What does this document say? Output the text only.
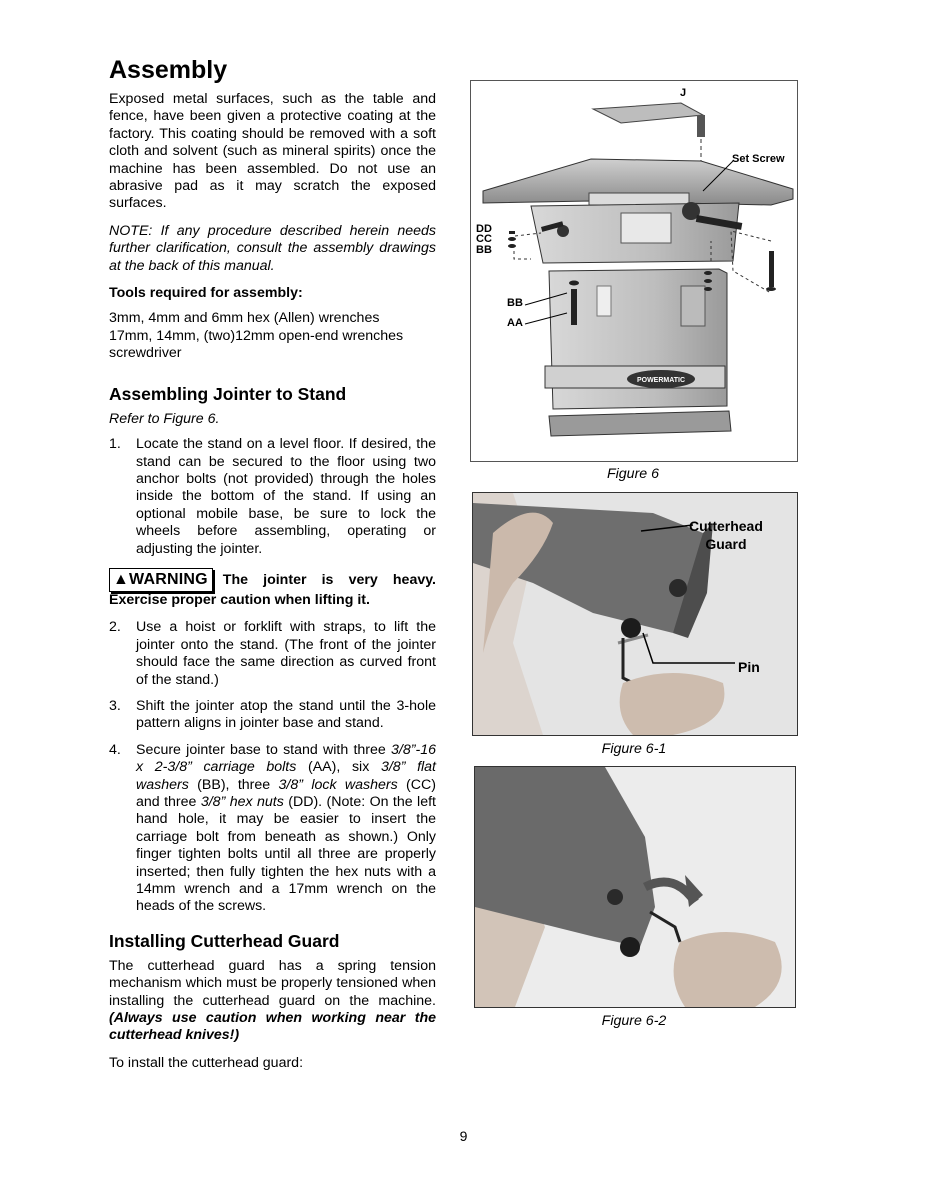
Assembly

Exposed metal surfaces, such as the table and fence, have been given a protective coating at the factory. This coating should be removed with a soft cloth and solvent (such as mineral spirits) once the machine has been assembled. Do not use an abrasive pad as it may scratch the exposed surfaces.

NOTE: If any procedure described herein needs further clarification, consult the assembly drawings at the back of this manual.

Tools required for assembly:

3mm, 4mm and 6mm hex (Allen) wrenches
17mm, 14mm, (two)12mm open-end wrenches
screwdriver

Assembling Jointer to Stand

Refer to Figure 6.

1. Locate the stand on a level floor. If desired, the stand can be secured to the floor using two anchor bolts (not provided) through the holes inside the bottom of the stand. If using an optional mobile base, be sure to lock the wheels before assembling, operating or adjusting the jointer.
▲WARNING The jointer is very heavy. Exercise proper caution when lifting it.
2. Use a hoist or forklift with straps, to lift the jointer onto the stand. (The front of the jointer should face the same direction as curved front of the stand.)
3. Shift the jointer atop the stand until the 3-hole pattern aligns in jointer base and stand.
4. Secure jointer base to stand with three 3/8”-16 x 2-3/8” carriage bolts (AA), six 3/8” flat washers (BB), three 3/8” lock washers (CC) and three 3/8” hex nuts (DD). (Note: On the left hand hole, it may be easier to insert the carriage bolt from beneath as shown.) Only finger tighten bolts until all three are properly inserted; then fully tighten the hex nuts with a 14mm wrench and a 17mm wrench on the heads of the screws.
Installing Cutterhead Guard

The cutterhead guard has a spring tension mechanism which must be properly tensioned when installing the cutterhead guard on the machine. (Always use caution when working near the cutterhead knives!)

To install the cutterhead guard:

POWERMATIC
J
Set Screw
DD
CC
BB
BB
AA
Figure 6
Cutterhead
Guard
Pin
Figure 6-1
Figure 6-2
9
